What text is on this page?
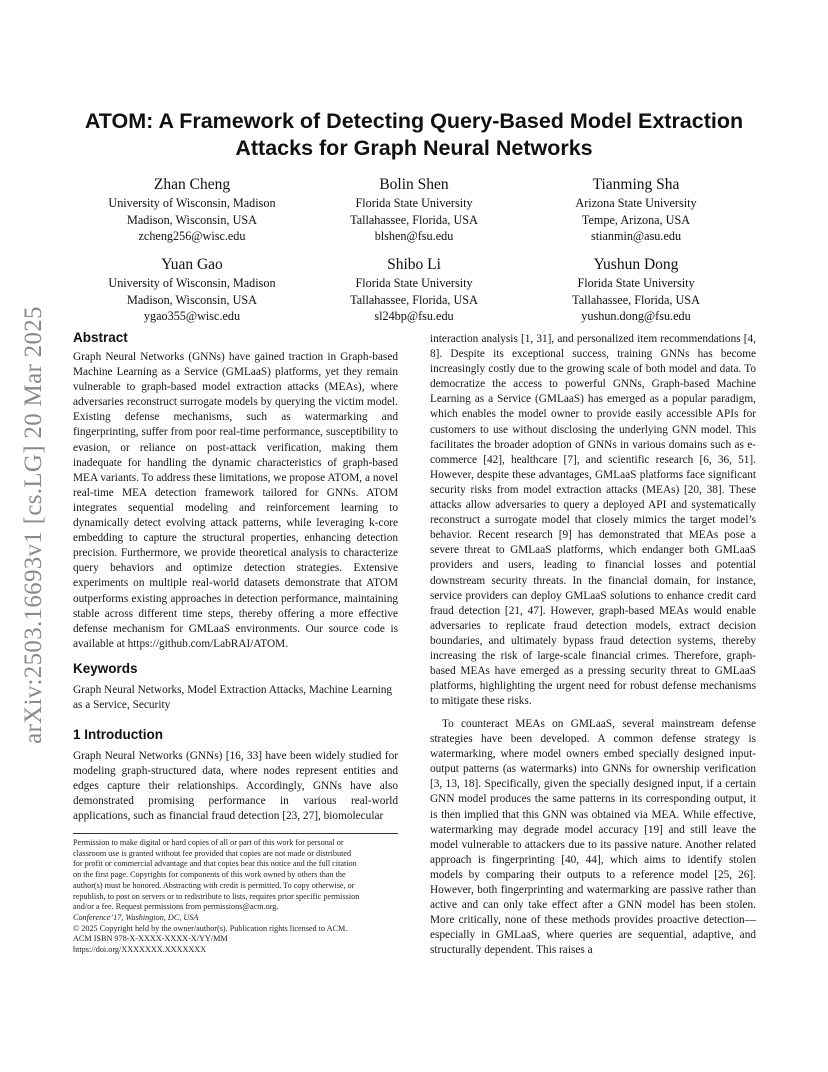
arXiv:2503.16693v1 [cs.LG] 20 Mar 2025
ATOM: A Framework of Detecting Query-Based Model Extraction
Attacks for Graph Neural Networks
Zhan Cheng
University of Wisconsin, Madison
Madison, Wisconsin, USA
zcheng256@wisc.edu
Bolin Shen
Florida State University
Tallahassee, Florida, USA
blshen@fsu.edu
Tianming Sha
Arizona State University
Tempe, Arizona, USA
stianmin@asu.edu
Yuan Gao
University of Wisconsin, Madison
Madison, Wisconsin, USA
ygao355@wisc.edu
Shibo Li
Florida State University
Tallahassee, Florida, USA
sl24bp@fsu.edu
Yushun Dong
Florida State University
Tallahassee, Florida, USA
yushun.dong@fsu.edu
Abstract
Graph Neural Networks (GNNs) have gained traction in Graph-based Machine Learning as a Service (GMLaaS) platforms, yet they remain vulnerable to graph-based model extraction attacks (MEAs), where adversaries reconstruct surrogate models by querying the victim model. Existing defense mechanisms, such as watermarking and fingerprinting, suffer from poor real-time performance, susceptibility to evasion, or reliance on post-attack verification, making them inadequate for handling the dynamic characteristics of graph-based MEA variants. To address these limitations, we propose ATOM, a novel real-time MEA detection framework tailored for GNNs. ATOM integrates sequential modeling and reinforcement learning to dynamically detect evolving attack patterns, while leveraging k-core embedding to capture the structural properties, enhancing detection precision. Furthermore, we provide theoretical analysis to characterize query behaviors and optimize detection strategies. Extensive experiments on multiple real-world datasets demonstrate that ATOM outperforms existing approaches in detection performance, maintaining stable across different time steps, thereby offering a more effective defense mechanism for GMLaaS environments. Our source code is available at https://github.com/LabRAI/ATOM.
Keywords
Graph Neural Networks, Model Extraction Attacks, Machine Learning as a Service, Security
1 Introduction
Graph Neural Networks (GNNs) [16, 33] have been widely studied for modeling graph-structured data, where nodes represent entities and edges capture their relationships. Accordingly, GNNs have also demonstrated promising performance in various real-world applications, such as financial fraud detection [23, 27], biomolecular
Permission to make digital or hard copies of all or part of this work for personal or
classroom use is granted without fee provided that copies are not made or distributed
for profit or commercial advantage and that copies bear this notice and the full citation
on the first page. Copyrights for components of this work owned by others than the
author(s) must be honored. Abstracting with credit is permitted. To copy otherwise, or
republish, to post on servers or to redistribute to lists, requires prior specific permission
and/or a fee. Request permissions from permissions@acm.org.
Conference’17, Washington, DC, USA
© 2025 Copyright held by the owner/author(s). Publication rights licensed to ACM.
ACM ISBN 978-X-XXXX-XXXX-X/YY/MM
https://doi.org/XXXXXXX.XXXXXXX
interaction analysis [1, 31], and personalized item recommendations [4, 8]. Despite its exceptional success, training GNNs has become increasingly costly due to the growing scale of both model and data. To democratize the access to powerful GNNs, Graph-based Machine Learning as a Service (GMLaaS) has emerged as a popular paradigm, which enables the model owner to provide easily accessible APIs for customers to use without disclosing the underlying GNN model. This facilitates the broader adoption of GNNs in various domains such as e-commerce [42], healthcare [7], and scientific research [6, 36, 51]. However, despite these advantages, GMLaaS platforms face significant security risks from model extraction attacks (MEAs) [20, 38]. These attacks allow adversaries to query a deployed API and systematically reconstruct a surrogate model that closely mimics the target model’s behavior. Recent research [9] has demonstrated that MEAs pose a severe threat to GMLaaS platforms, which endanger both GMLaaS providers and users, leading to financial losses and potential downstream security threats. In the financial domain, for instance, service providers can deploy GMLaaS solutions to enhance credit card fraud detection [21, 47]. However, graph-based MEAs would enable adversaries to replicate fraud detection models, extract decision boundaries, and ultimately bypass fraud detection systems, thereby increasing the risk of large-scale financial crimes. Therefore, graph-based MEAs have emerged as a pressing security threat to GMLaaS platforms, highlighting the urgent need for robust defense mechanisms to mitigate these risks.
To counteract MEAs on GMLaaS, several mainstream defense strategies have been developed. A common defense strategy is watermarking, where model owners embed specially designed input-output patterns (as watermarks) into GNNs for ownership verification [3, 13, 18]. Specifically, given the specially designed input, if a certain GNN model produces the same patterns in its corresponding output, it is then implied that this GNN was obtained via MEA. While effective, watermarking may degrade model accuracy [19] and still leave the model vulnerable to attackers due to its passive nature. Another related approach is fingerprinting [40, 44], which aims to identify stolen models by comparing their outputs to a reference model [25, 26]. However, both fingerprinting and watermarking are passive rather than active and can only take effect after a GNN model has been stolen. More critically, none of these methods provides proactive detection—especially in GMLaaS, where queries are sequential, adaptive, and structurally dependent. This raises a
